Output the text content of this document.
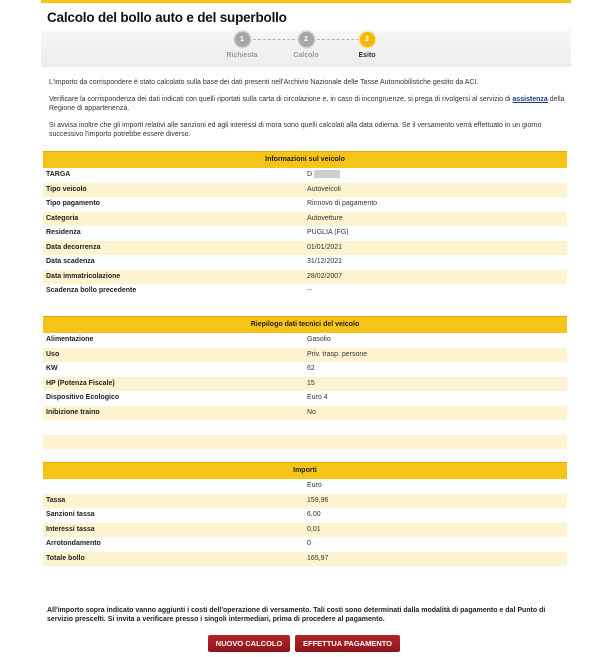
Calcolo del bollo auto e del superbollo
1
Richiesta
2
Calcolo
3
Esito

L'importo da corrispondere è stato calcolato sulla base dei dati presenti nell'Archivio Nazionale delle Tasse Automobilistiche gestito da ACI.

Verificare la corrispondenza dei dati indicati con quelli riportati sulla carta di circolazione e, in caso di incongruenze, si prega di rivolgersi al servizio di assistenza della Regione di appartenenza.

Si avvisa inoltre che gli importi relativi alle sanzioni ed agli interessi di mora sono quelli calcolati alla data odierna. Se il versamento verrà effettuato in un giorno successivo l'importo potrebbe essere diverso.

Informazioni sul veicolo
TARGA	D
Tipo veicolo	Autoveicoli
Tipo pagamento	Rinnovo di pagamento
Categoria	Autovetture
Residenza	PUGLIA (FG)
Data decorrenza	01/01/2021
Data scadenza	31/12/2021
Data immatricolazione	28/02/2007
Scadenza bollo precedente	--
Riepilogo dati tecnici del veicolo
Alimentazione	Gasolio
Uso	Priv. trasp. persone
KW	62
HP (Potenza Fiscale)	15
Dispositivo Ecologico	Euro 4
Inibizione traino	No
Importi
Euro
Tassa	159,96
Sanzioni tassa	6,00
Interessi tassa	0,01
Arrotondamento	0
Totale bollo	165,97
All'importo sopra indicato vanno aggiunti i costi dell'operazione di versamento. Tali costi sono determinati dalla modalità di pagamento e dal Punto di servizio prescelti. Si invita a verificare presso i singoli intermediari, prima di procedere al pagamento.
NUOVO CALCOLO	EFFETTUA PAGAMENTO
